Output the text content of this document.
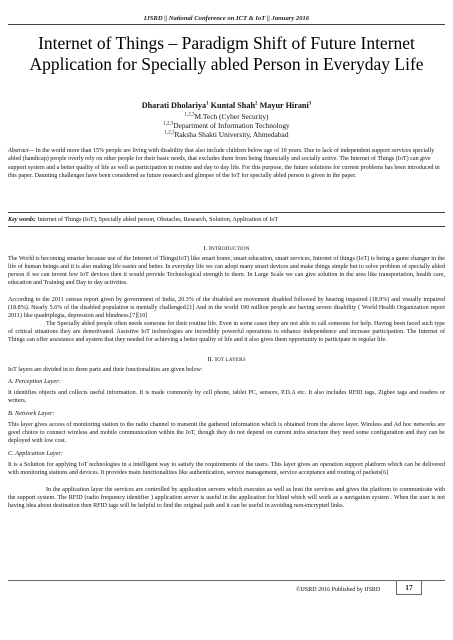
IJSRD || National Conference on ICT & IoT || January 2016
Internet of Things – Paradigm Shift of Future Internet Application for Specially abled Person in Everyday Life
Dharati Dholariya$^1$ Kuntal Shah$^2$ Mayur Hirani$^3$
$^{1,2,3}$M.Tech (Cyber Security)
$^{1,2,3}$Department of Information Technology
$^{1,2,3}$Raksha Shakti University, Ahmedabad
Abstract— In the world more than 15% people are living with disability that also include children below age of 10 years. Due to lack of independent support services specially abled (handicap) people overly rely on other people for their basic needs, that excludes them from being financially and socially active. The Internet of Things (IoT) can give support system and a better quality of life as well as participation in routine and day to day life. For this purpose, the future solutions for current problems has been introduced in this paper. Daunting challenges have been considered as future research and glimpse of the IoT for specially abled person is given in the paper.
Key words: Internet of Things (IoT), Specially abled person, Obstacles, Research, Solution, Application of IoT
I. INTRODUCTION

The World is becoming smarter because use of the Internet of Things(IoT) like smart home, smart education, smart services, Internet of things (IoT) is being a game changer in the life of human beings and it is also making life easier and better. In everyday life we can adopt many smart devices and make things simple but to solve problem of specially abled person if we can invent few IoT devices then it would provide Technological strength to them. In Large Scale we can give solution in the area like transportation, health care, education and Training and Day to day activities.

According to the 2011 census report given by government of India, 20.3% of the disabled are movement disabled followed by hearing impaired (18.9%) and visually impaired (18.8%). Nearly 5.6% of the disabled population is mentally challenged.[1] And in the world 190 million people are having severe disability ( World Health Organization report 2011) like quadriplegia, depression and blindness.[7][10]

The Specially abled people often needs someone for their routine life. Even in some cases they are not able to call someone for help. Having been faced such type of critical situations they are demotivated. Assistive IoT technologies are incredibly powerful operations to enhance independence and increase participation. The Internet of Things can offer assistance and system that they needed for achieving a better quality of life and it also gives them opportunity to participate in regular life.

II. IOT LAYERS

IoT layers are divided in to three parts and their functionalities are given below:

A. Perception Layer:

It identifies objects and collects useful information. It is made commonly by cell phone, tablet PC, sensors, P.D.A etc. It also includes RFID tags, Zigbee tags and readers or writers.

B. Network Layer:

This layer gives access of monitoring station to the radio channel to transmit the gathered information which is obtained from the above layer. Wireless and Ad hoc networks are good choice to connect wireless and mobile communication within the IoT, though they do not depend on current infra structure they need some configuration and they can be deployed with low cost.

C. Application Layer:

It is a Solution for applying IoT technologies in a intelligent way to satisfy the requirements of the users. This layer gives an operation support platform which can be delivered with monitoring stations and devices. It provides main functionalities like authentication, service management, service acceptance and routing of packets[6]

In the application layer the services are controlled by application servers which executes as well as host the services and gives the platform to communicate with the support system. The RFID (radio frequency identifier ) application server is useful in the application for blind which will work as a navigation system . When the user is not having idea about destination then RFID tags will be helpful to find the original path and it can be useful in avoiding non-encrypted links.

©IJSRD 2016 Published by IJSRD	17
